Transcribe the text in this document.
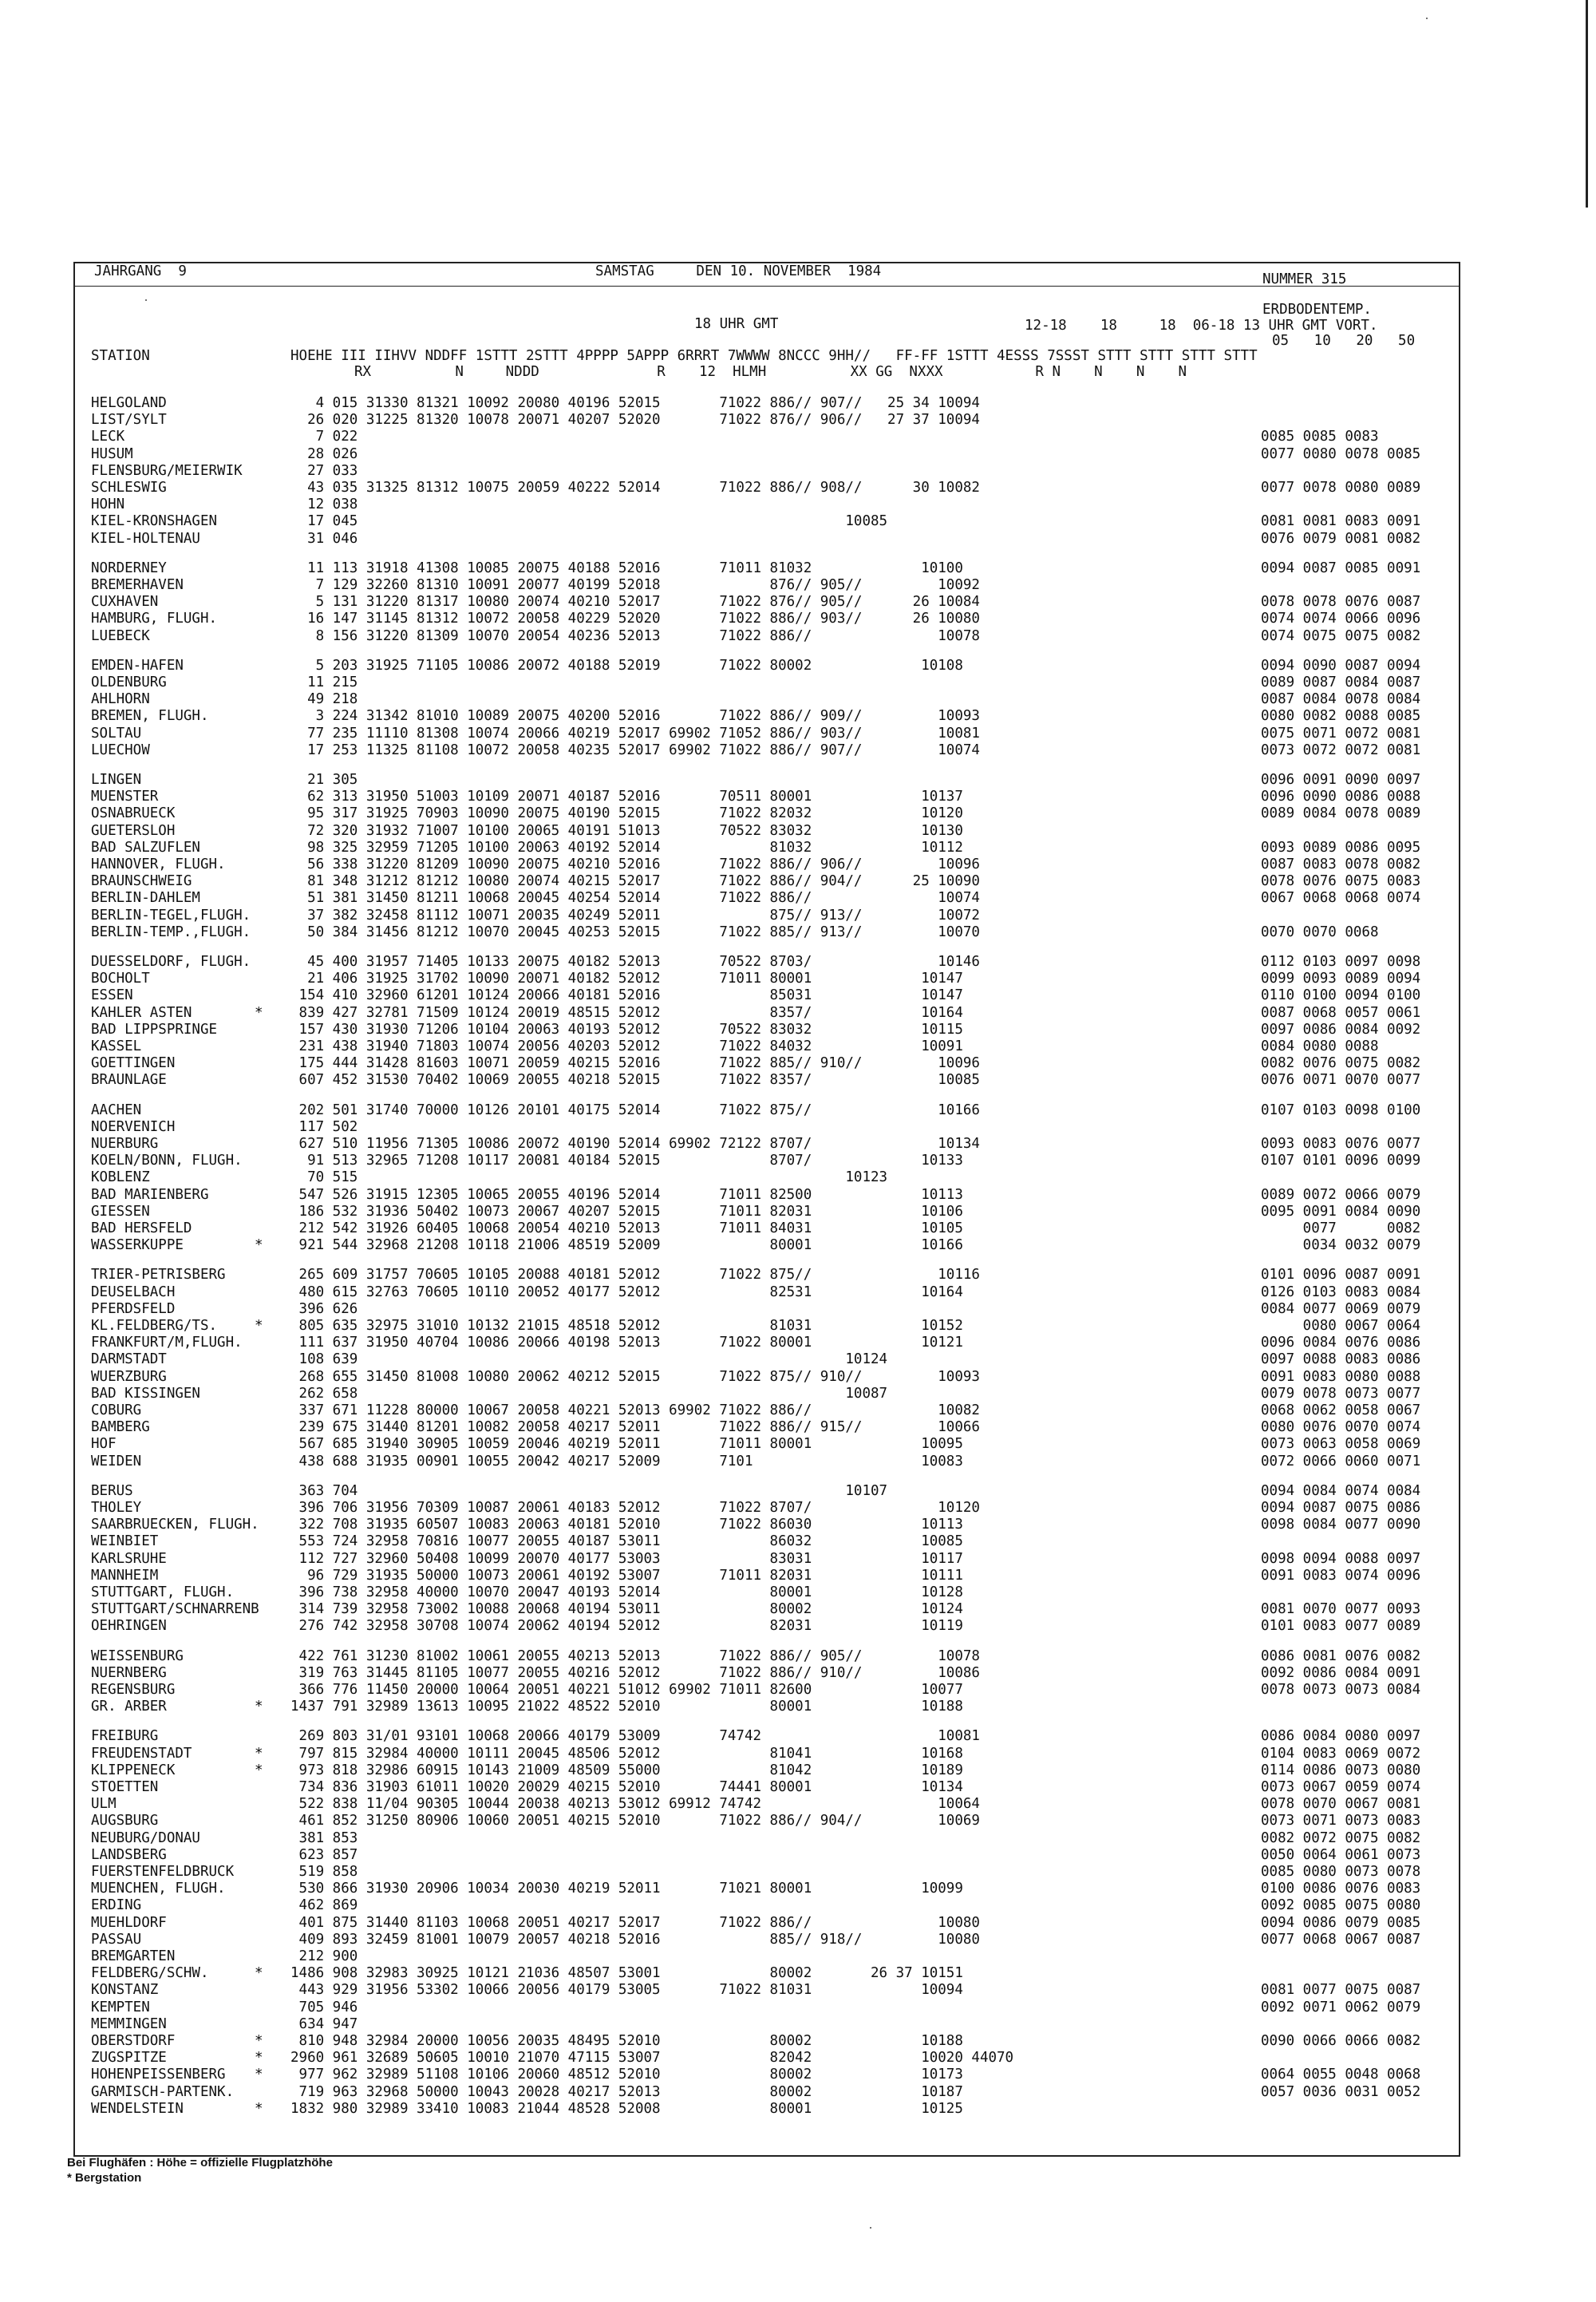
JAHRGANG  9	SAMSTAG     DEN 10. NOVEMBER  1984	NUMMER 315
ERDBODENTEMP.
18 UHR GMT	12-18    18     18  06-18 13 UHR GMT VORT.
05   10   20   50
STATION	HOEHE III IIHVV NDDFF 1STTT 2STTT 4PPPP 5APPP 6RRRT 7WWWW 8NCCC 9HH//   FF-FF 1STTT 4ESSS 7SSST STTT STTT STTT STTT
RX          N     NDDD              R    12  HLMH          XX GG  NXXX           R N    N    N    N
HELGOLAND	4 015 31330 81321 10092 20080 40196 52015       71022 886// 907//   25 34 10094
LIST/SYLT	26 020 31225 81320 10078 20071 40207 52020       71022 876// 906//   27 37 10094
LECK	7 022	0085 0085 0083
HUSUM	28 026	0077 0080 0078 0085
FLENSBURG/MEIERWIK	27 033
SCHLESWIG	43 035 31325 81312 10075 20059 40222 52014       71022 886// 908//      30 10082	0077 0078 0080 0089
HOHN	12 038
KIEL-KRONSHAGEN	17 045                                                          10085	0081 0081 0083 0091
KIEL-HOLTENAU	31 046	0076 0079 0081 0082
NORDERNEY	11 113 31918 41308 10085 20075 40188 52016       71011 81032             10100	0094 0087 0085 0091
BREMERHAVEN	7 129 32260 81310 10091 20077 40199 52018             876// 905//         10092
CUXHAVEN	5 131 31220 81317 10080 20074 40210 52017       71022 876// 905//      26 10084	0078 0078 0076 0087
HAMBURG, FLUGH.	16 147 31145 81312 10072 20058 40229 52020       71022 886// 903//      26 10080	0074 0074 0066 0096
LUEBECK	8 156 31220 81309 10070 20054 40236 52013       71022 886//               10078	0074 0075 0075 0082
EMDEN-HAFEN	5 203 31925 71105 10086 20072 40188 52019       71022 80002             10108	0094 0090 0087 0094
OLDENBURG	11 215	0089 0087 0084 0087
AHLHORN	49 218	0087 0084 0078 0084
BREMEN, FLUGH.	3 224 31342 81010 10089 20075 40200 52016       71022 886// 909//         10093	0080 0082 0088 0085
SOLTAU	77 235 11110 81308 10074 20066 40219 52017 69902 71052 886// 903//         10081	0075 0071 0072 0081
LUECHOW	17 253 11325 81108 10072 20058 40235 52017 69902 71022 886// 907//         10074	0073 0072 0072 0081
LINGEN	21 305	0096 0091 0090 0097
MUENSTER	62 313 31950 51003 10109 20071 40187 52016       70511 80001             10137	0096 0090 0086 0088
OSNABRUECK	95 317 31925 70903 10090 20075 40190 52015       71022 82032             10120	0089 0084 0078 0089
GUETERSLOH	72 320 31932 71007 10100 20065 40191 51013       70522 83032             10130
BAD SALZUFLEN	98 325 32959 71205 10100 20063 40192 52014             81032             10112	0093 0089 0086 0095
HANNOVER, FLUGH.	56 338 31220 81209 10090 20075 40210 52016       71022 886// 906//         10096	0087 0083 0078 0082
BRAUNSCHWEIG	81 348 31212 81212 10080 20074 40215 52017       71022 886// 904//      25 10090	0078 0076 0075 0083
BERLIN-DAHLEM	51 381 31450 81211 10068 20045 40254 52014       71022 886//               10074	0067 0068 0068 0074
BERLIN-TEGEL,FLUGH.	37 382 32458 81112 10071 20035 40249 52011             875// 913//         10072
BERLIN-TEMP.,FLUGH.	50 384 31456 81212 10070 20045 40253 52015       71022 885// 913//         10070	0070 0070 0068
DUESSELDORF, FLUGH.	45 400 31957 71405 10133 20075 40182 52013       70522 8703/               10146	0112 0103 0097 0098
BOCHOLT	21 406 31925 31702 10090 20071 40182 52012       71011 80001             10147	0099 0093 0089 0094
ESSEN	154 410 32960 61201 10124 20066 40181 52016             85031             10147	0110 0100 0094 0100
KAHLER ASTEN	* 839 427 32781 71509 10124 20019 48515 52012             8357/             10164	0087 0068 0057 0061
BAD LIPPSPRINGE	157 430 31930 71206 10104 20063 40193 52012       70522 83032             10115	0097 0086 0084 0092
KASSEL	231 438 31940 71803 10074 20056 40203 52012       71022 84032             10091	0084 0080 0088
GOETTINGEN	175 444 31428 81603 10071 20059 40215 52016       71022 885// 910//         10096	0082 0076 0075 0082
BRAUNLAGE	607 452 31530 70402 10069 20055 40218 52015       71022 8357/               10085	0076 0071 0070 0077
AACHEN	202 501 31740 70000 10126 20101 40175 52014       71022 875//               10166	0107 0103 0098 0100
NOERVENICH	117 502
NUERBURG	627 510 11956 71305 10086 20072 40190 52014 69902 72122 8707/               10134	0093 0083 0076 0077
KOELN/BONN, FLUGH.	91 513 32965 71208 10117 20081 40184 52015             8707/             10133	0107 0101 0096 0099
KOBLENZ	70 515                                                          10123
BAD MARIENBERG	547 526 31915 12305 10065 20055 40196 52014       71011 82500             10113	0089 0072 0066 0079
GIESSEN	186 532 31936 50402 10073 20067 40207 52015       71011 82031             10106	0095 0091 0084 0090
BAD HERSFELD	212 542 31926 60405 10068 20054 40210 52013       71011 84031             10105	0077      0082
WASSERKUPPE	* 921 544 32968 21208 10118 21006 48519 52009             80001             10166	0034 0032 0079
TRIER-PETRISBERG	265 609 31757 70605 10105 20088 40181 52012       71022 875//               10116	0101 0096 0087 0091
DEUSELBACH	480 615 32763 70605 10110 20052 40177 52012             82531             10164	0126 0103 0083 0084
PFERDSFELD	396 626	0084 0077 0069 0079
KL.FELDBERG/TS.	* 805 635 32975 31010 10132 21015 48518 52012             81031             10152	0080 0067 0064
FRANKFURT/M,FLUGH.	111 637 31950 40704 10086 20066 40198 52013       71022 80001             10121	0096 0084 0076 0086
DARMSTADT	108 639                                                          10124	0097 0088 0083 0086
WUERZBURG	268 655 31450 81008 10080 20062 40212 52015       71022 875// 910//         10093	0091 0083 0080 0088
BAD KISSINGEN	262 658                                                          10087	0079 0078 0073 0077
COBURG	337 671 11228 80000 10067 20058 40221 52013 69902 71022 886//               10082	0068 0062 0058 0067
BAMBERG	239 675 31440 81201 10082 20058 40217 52011       71022 886// 915//         10066	0080 0076 0070 0074
HOF	567 685 31940 30905 10059 20046 40219 52011       71011 80001             10095	0073 0063 0058 0069
WEIDEN	438 688 31935 00901 10055 20042 40217 52009       7101                    10083	0072 0066 0060 0071
BERUS	363 704                                                          10107	0094 0084 0074 0084
THOLEY	396 706 31956 70309 10087 20061 40183 52012       71022 8707/               10120	0094 0087 0075 0086
SAARBRUECKEN, FLUGH. 322 708 31935 60507 10083 20063 40181 52010       71022 86030             10113	0098 0084 0077 0090
WEINBIET	553 724 32958 70816 10077 20055 40187 53011             86032             10085
KARLSRUHE	112 727 32960 50408 10099 20070 40177 53003             83031             10117	0098 0094 0088 0097
MANNHEIM	96 729 31935 50000 10073 20061 40192 53007       71011 82031             10111	0091 0083 0074 0096
STUTTGART, FLUGH.	396 738 32958 40000 10070 20047 40193 52014             80001             10128
STUTTGART/SCHNARRENB 314 739 32958 73002 10088 20068 40194 53011             80002             10124	0081 0070 0077 0093
OEHRINGEN	276 742 32958 30708 10074 20062 40194 52012             82031             10119	0101 0083 0077 0089
WEISSENBURG	422 761 31230 81002 10061 20055 40213 52013       71022 886// 905//         10078	0086 0081 0076 0082
NUERNBERG	319 763 31445 81105 10077 20055 40216 52012       71022 886// 910//         10086	0092 0086 0084 0091
REGENSBURG	366 776 11450 20000 10064 20051 40221 51012 69902 71011 82600             10077	0078 0073 0073 0084
GR. ARBER	* 1437 791 32989 13613 10095 21022 48522 52010             80001             10188
FREIBURG	269 803 31/01 93101 10068 20066 40179 53009       74742                     10081	0086 0084 0080 0097
FREUDENSTADT	* 797 815 32984 40000 10111 20045 48506 52012             81041             10168	0104 0083 0069 0072
KLIPPENECK	* 973 818 32986 60915 10143 21009 48509 55000             81042             10189	0114 0086 0073 0080
STOETTEN	734 836 31903 61011 10020 20029 40215 52010       74441 80001             10134	0073 0067 0059 0074
ULM	522 838 11/04 90305 10044 20038 40213 53012 69912 74742                     10064	0078 0070 0067 0081
AUGSBURG	461 852 31250 80906 10060 20051 40215 52010       71022 886// 904//         10069	0073 0071 0073 0083
NEUBURG/DONAU	381 853	0082 0072 0075 0082
LANDSBERG	623 857	0050 0064 0061 0073
FUERSTENFELDBRUCK	519 858	0085 0080 0073 0078
MUENCHEN, FLUGH.	530 866 31930 20906 10034 20030 40219 52011       71021 80001             10099	0100 0086 0076 0083
ERDING	462 869	0092 0085 0075 0080
MUEHLDORF	401 875 31440 81103 10068 20051 40217 52017       71022 886//               10080	0094 0086 0079 0085
PASSAU	409 893 32459 81001 10079 20057 40218 52016             885// 918//         10080	0077 0068 0067 0087
BREMGARTEN	212 900
FELDBERG/SCHW.	* 1486 908 32983 30925 10121 21036 48507 53001             80002       26 37 10151
KONSTANZ	443 929 31956 53302 10066 20056 40179 53005       71022 81031             10094	0081 0077 0075 0087
KEMPTEN	705 946	0092 0071 0062 0079
MEMMINGEN	634 947
OBERSTDORF	* 810 948 32984 20000 10056 20035 48495 52010             80002             10188	0090 0066 0066 0082
ZUGSPITZE	* 2960 961 32689 50605 10010 21070 47115 53007             82042             10020 44070
HOHENPEISSENBERG * 977 962 32989 51108 10106 20060 48512 52010             80002             10173	0064 0055 0048 0068
GARMISCH-PARTENK.	719 963 32968 50000 10043 20028 40217 52013             80002             10187	0057 0036 0031 0052
WENDELSTEIN	* 1832 980 32989 33410 10083 21044 48528 52008             80001             10125
Bei Flughäfen : Höhe = offizielle Flugplatzhöhe
* Bergstation
